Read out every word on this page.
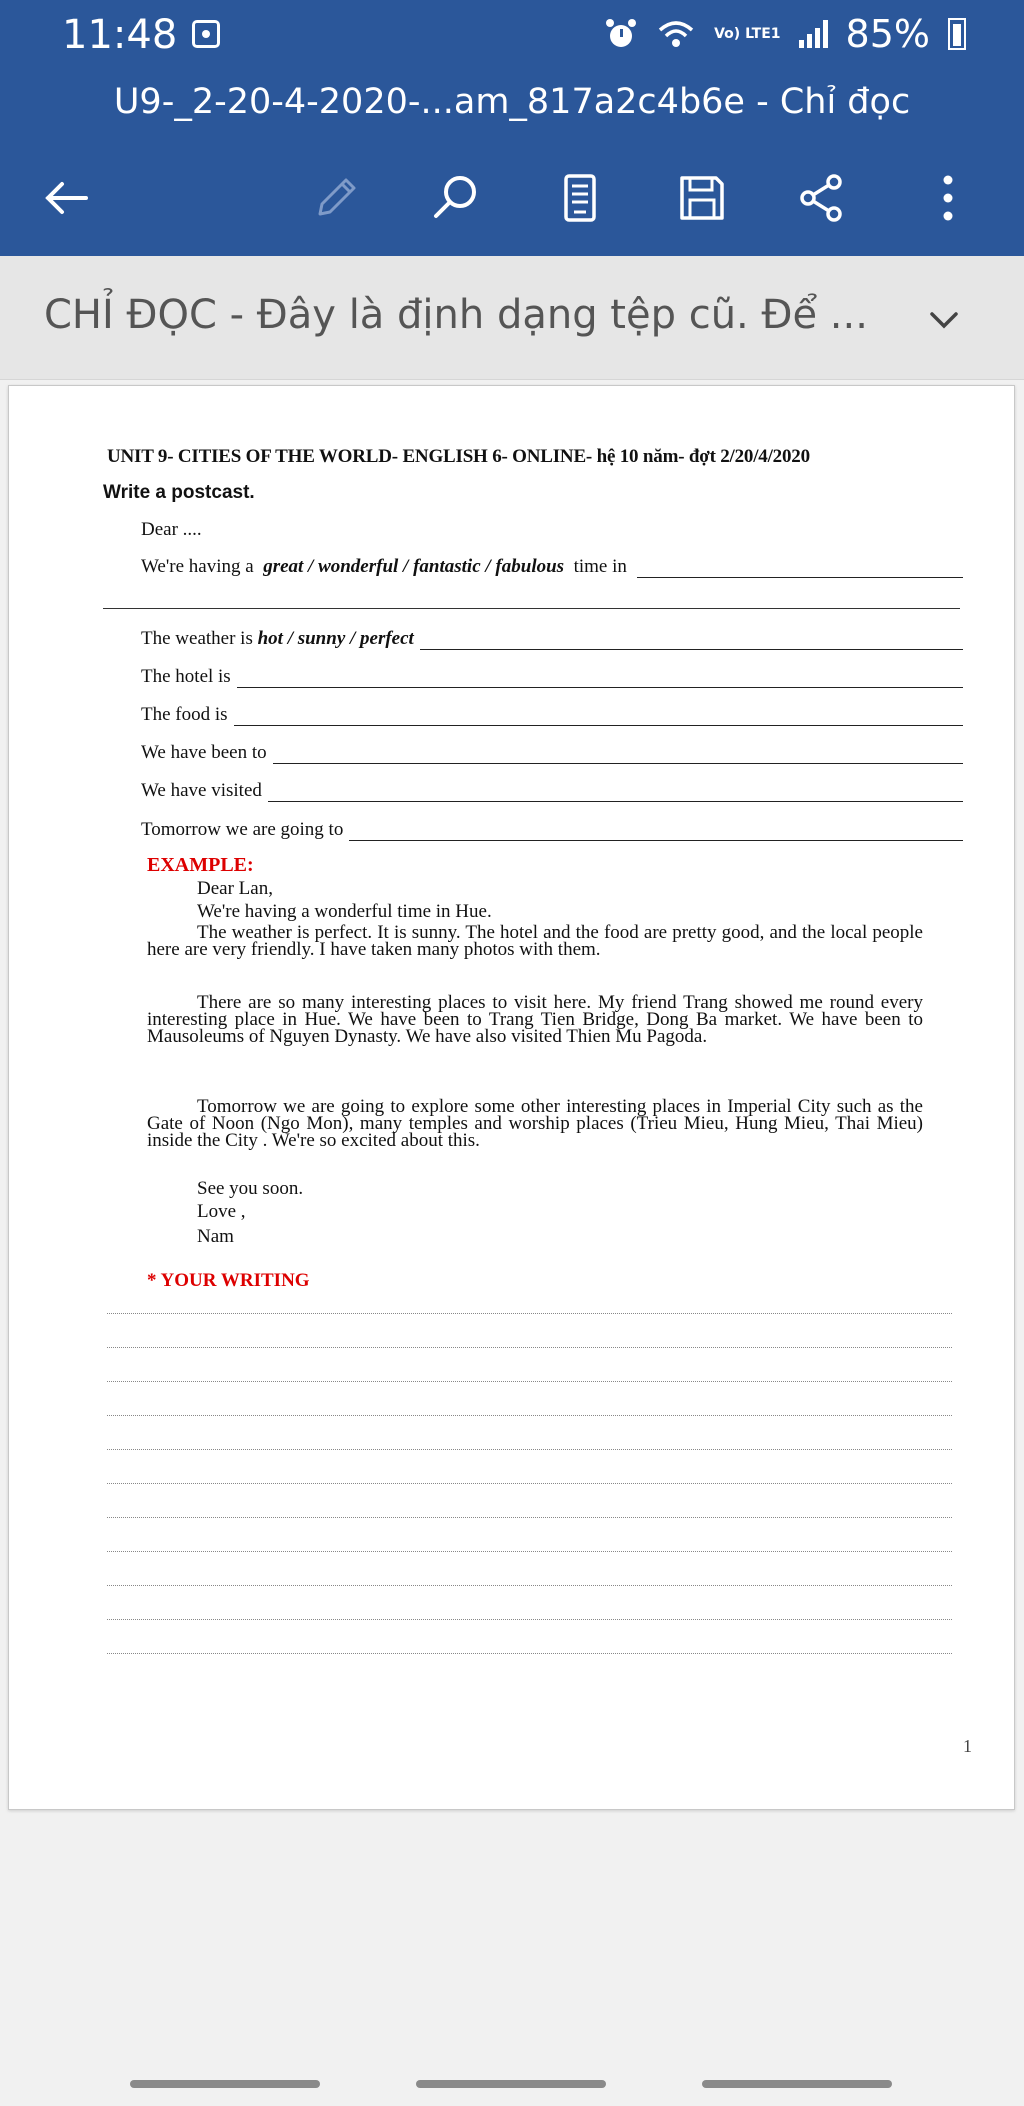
11:48	Vo) LTE1 85%
U9-_2-20-4-2020-...am_817a2c4b6e - Chỉ đọc
CHỈ ĐỌC - Đây là định dạng tệp cũ. Để ...
UNIT 9- CITIES OF THE WORLD- ENGLISH 6- ONLINE- hệ 10 năm- đợt 2/20/4/2020
Write a postcast.
Dear ....
We're having a
great / wonderful / fantastic / fabulous
time in
The weather is
hot / sunny / perfect
The hotel is
The food is
We have been to
We have visited
Tomorrow we are going to
EXAMPLE:
Dear Lan,
We're having a wonderful time in Hue.
The weather is perfect. It is sunny. The hotel and the food are pretty good, and the local people here are very friendly. I have taken many photos with them.
There are so many interesting places to visit here. My friend Trang showed me round every interesting place in Hue. We have been to Trang Tien Bridge, Dong Ba market. We have been to Mausoleums of Nguyen Dynasty. We have also visited Thien Mu Pagoda.
Tomorrow we are going to explore some other interesting places in Imperial City such as the Gate of Noon (Ngo Mon), many temples and worship places (Trieu Mieu, Hung Mieu, Thai Mieu) inside the City . We're so excited about this.
See you soon.
Love ,
Nam
* YOUR WRITING
1
